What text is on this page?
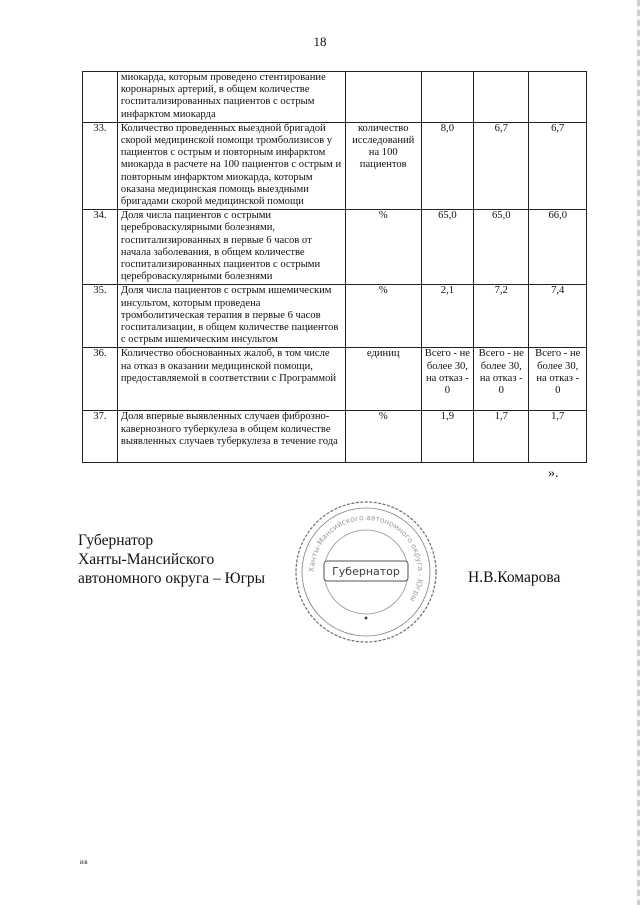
18
	миокарда, которым проведено стентирование коронарных артерий, в общем количестве госпитализированных пациентов с острым инфарктом миокарда				
33.	Количество проведенных выездной бригадой скорой медицинской помощи тромболизисов у пациентов с острым и повторным инфарктом миокарда в расчете на 100 пациентов с острым и повторным инфарктом миокарда, которым оказана медицинская помощь выездными бригадами скорой медицинской помощи	количество исследований на 100 пациентов	8,0	6,7	6,7
34.	Доля числа пациентов с острыми цереброваскулярными болезнями, госпитализированных в первые 6 часов от начала заболевания, в общем количестве госпитализированных пациентов с острыми цереброваскулярными болезнями	%	65,0	65,0	66,0
35.	Доля числа пациентов с острым ишемическим инсультом, которым проведена тромболитическая терапия в первые 6 часов госпитализации, в общем количестве пациентов с острым ишемическим инсультом	%	2,1	7,2	7,4
36.	Количество обоснованных жалоб, в том числе на отказ в оказании медицинской помощи, предоставляемой в соответствии с Программой	единиц	Всего - не более 30, на отказ - 0	Всего - не более 30, на отказ - 0	Всего - не более 30, на отказ - 0
37.	Доля впервые выявленных случаев фиброзно-кавернозного туберкулеза в общем количестве выявленных случаев туберкулеза в течение года	%	1,9	1,7	1,7
».
Губернатор
Ханты-Мансийского
автономного округа – Югры
Ханты-Мансийского автономного округа - Югры
Губернатор	Н.В.Комарова
ив
